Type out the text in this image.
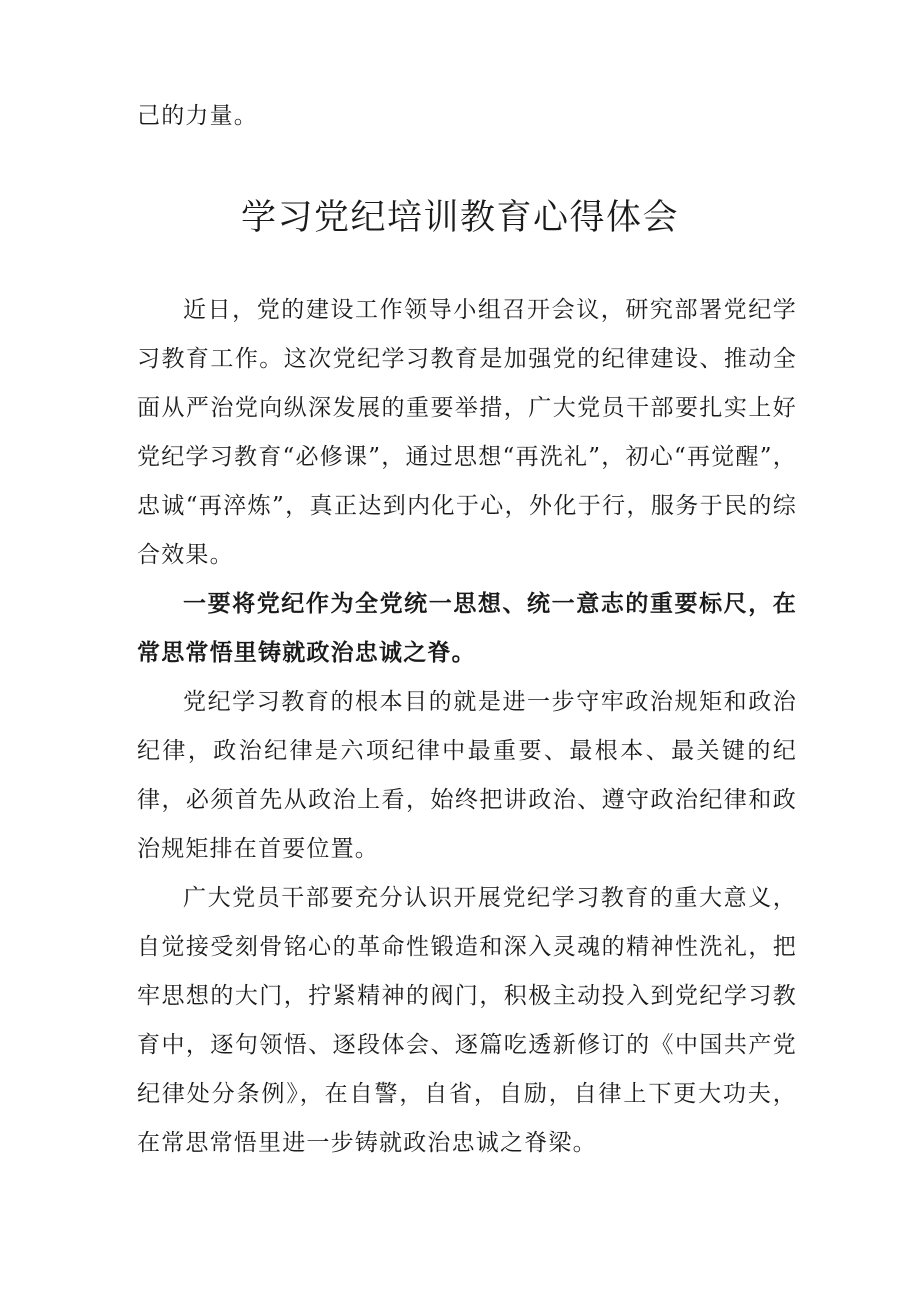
己的力量。

学习党纪培训教育心得体会

近日，党的建设工作领导小组召开会议，研究部署党纪学习教育工作。这次党纪学习教育是加强党的纪律建设、推动全面从严治党向纵深发展的重要举措，广大党员干部要扎实上好党纪学习教育“必修课”，通过思想“再洗礼”，初心“再觉醒”，忠诚“再淬炼”，真正达到内化于心，外化于行，服务于民的综合效果。

一要将党纪作为全党统一思想、统一意志的重要标尺，在常思常悟里铸就政治忠诚之脊。

党纪学习教育的根本目的就是进一步守牢政治规矩和政治纪律，政治纪律是六项纪律中最重要、最根本、最关键的纪律，必须首先从政治上看，始终把讲政治、遵守政治纪律和政治规矩排在首要位置。

广大党员干部要充分认识开展党纪学习教育的重大意义，自觉接受刻骨铭心的革命性锻造和深入灵魂的精神性洗礼，把牢思想的大门，拧紧精神的阀门，积极主动投入到党纪学习教育中，逐句领悟、逐段体会、逐篇吃透新修订的《中国共产党纪律处分条例》，在自警，自省，自励，自律上下更大功夫，在常思常悟里进一步铸就政治忠诚之脊梁。
